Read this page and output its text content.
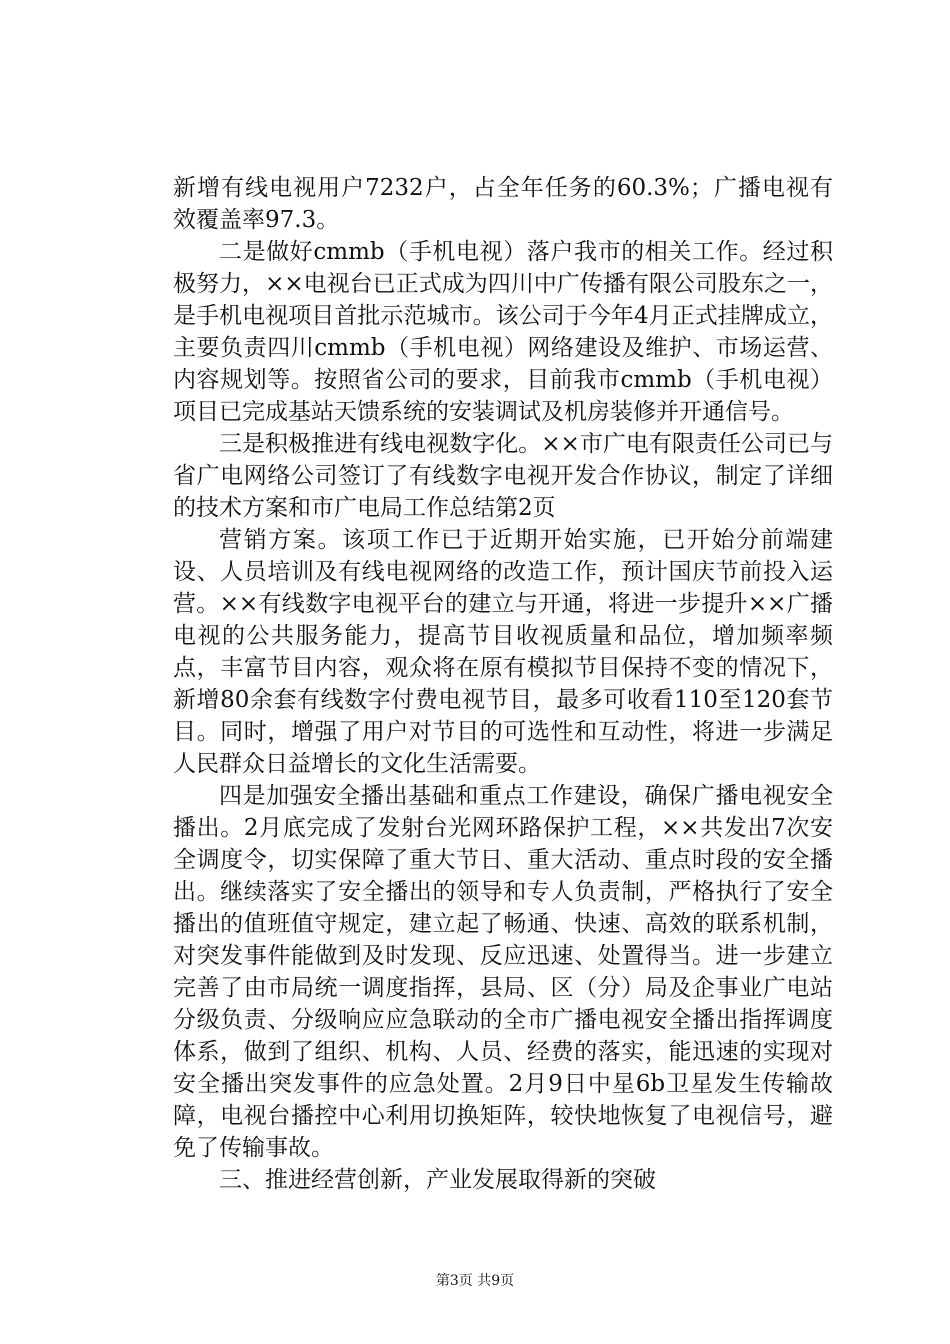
新增有线电视用户7232户，占全年任务的60.3%；广播电视有效覆盖率97.3。

二是做好cmmb（手机电视）落户我市的相关工作。经过积极努力，××电视台已正式成为四川中广传播有限公司股东之一，是手机电视项目首批示范城市。该公司于今年4月正式挂牌成立，主要负责四川cmmb（手机电视）网络建设及维护、市场运营、内容规划等。按照省公司的要求，目前我市cmmb（手机电视）项目已完成基站天馈系统的安装调试及机房装修并开通信号。

三是积极推进有线电视数字化。××市广电有限责任公司已与省广电网络公司签订了有线数字电视开发合作协议，制定了详细的技术方案和市广电局工作总结第2页

营销方案。该项工作已于近期开始实施，已开始分前端建设、人员培训及有线电视网络的改造工作，预计国庆节前投入运营。××有线数字电视平台的建立与开通，将进一步提升××广播电视的公共服务能力，提高节目收视质量和品位，增加频率频点，丰富节目内容，观众将在原有模拟节目保持不变的情况下，新增80余套有线数字付费电视节目，最多可收看110至120套节目。同时，增强了用户对节目的可选性和互动性，将进一步满足人民群众日益增长的文化生活需要。

四是加强安全播出基础和重点工作建设，确保广播电视安全播出。2月底完成了发射台光网环路保护工程，××共发出7次安全调度令，切实保障了重大节日、重大活动、重点时段的安全播出。继续落实了安全播出的领导和专人负责制，严格执行了安全播出的值班值守规定，建立起了畅通、快速、高效的联系机制，对突发事件能做到及时发现、反应迅速、处置得当。进一步建立完善了由市局统一调度指挥，县局、区（分）局及企事业广电站分级负责、分级响应应急联动的全市广播电视安全播出指挥调度体系，做到了组织、机构、人员、经费的落实，能迅速的实现对安全播出突发事件的应急处置。2月9日中星6b卫星发生传输故障，电视台播控中心利用切换矩阵，较快地恢复了电视信号，避免了传输事故。

三、推进经营创新，产业发展取得新的突破

第3页 共9页
